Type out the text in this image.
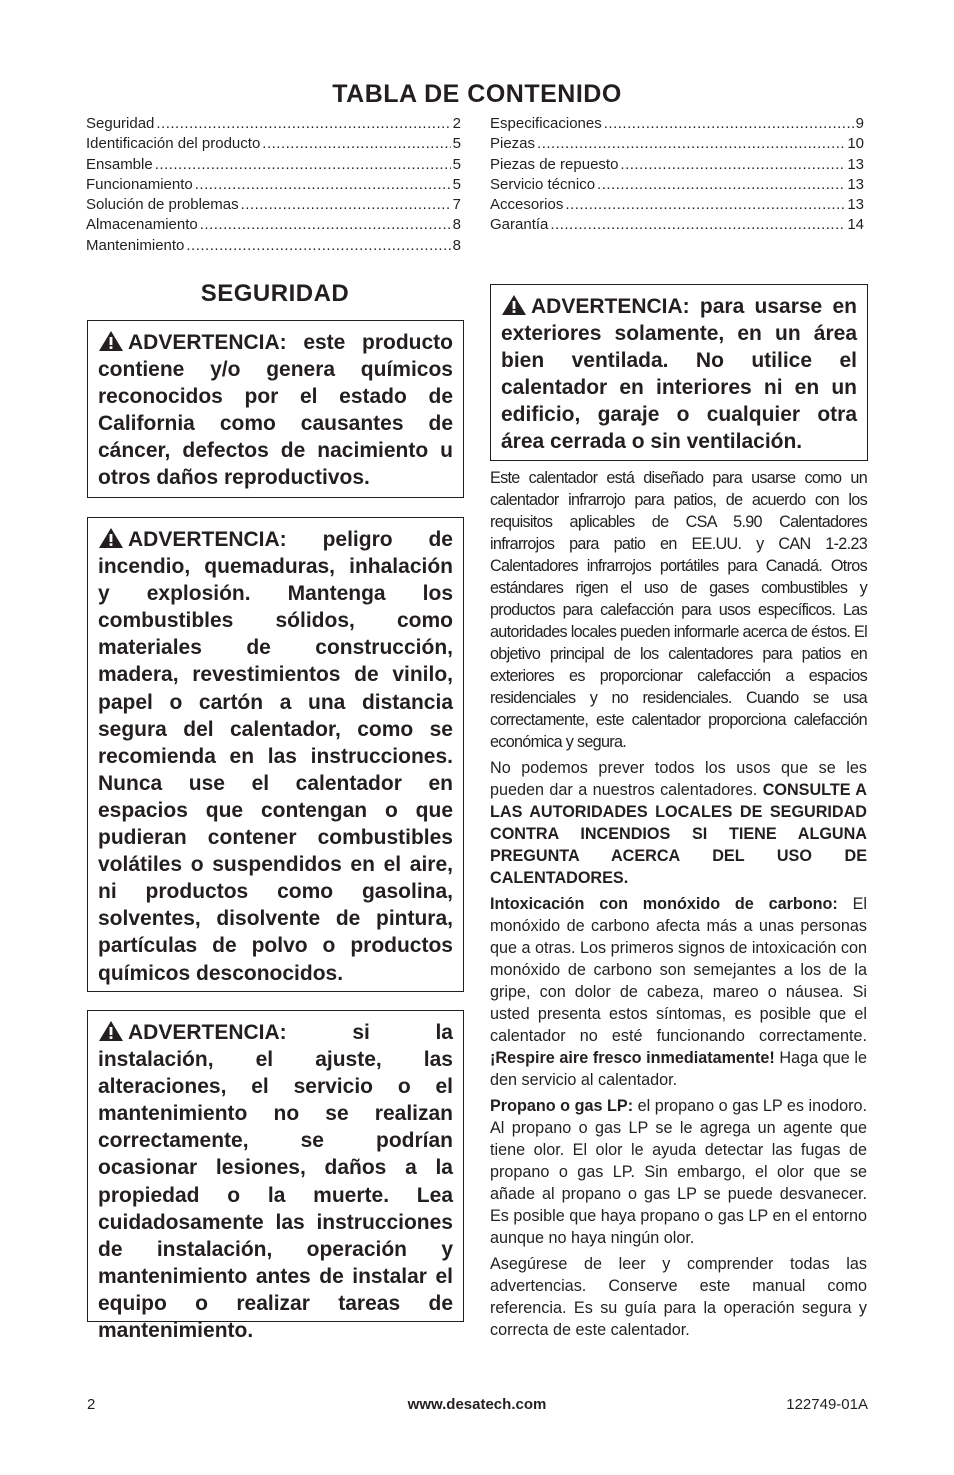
TABLA DE CONTENIDO
Seguridad .....	2
Identificación del producto .....	5
Ensamble .....	5
Funcionamiento .....	5
Solución de problemas .....	7
Almacenamiento .....	8
Mantenimiento .....	8
Especificaciones .....	9
Piezas .....	10
Piezas de repuesto .....	13
Servicio técnico .....	13
Accesorios .....	13
Garantía .....	14
SEGURIDAD
ADVERTENCIA: este producto contiene y/o genera químicos reconocidos por el estado de California como causantes de cáncer, defectos de nacimiento u otros daños reproductivos.
ADVERTENCIA: peligro de incendio, quemaduras, inhalación y explosión. Mantenga los combustibles sólidos, como materiales de construcción, madera, revestimientos de vinilo, papel o cartón a una distancia segura del calentador, como se recomienda en las instrucciones. Nunca use el calentador en espacios que contengan o que pudieran contener combustibles volátiles o suspendidos en el aire, ni productos como gasolina, solventes, disolvente de pintura, partículas de polvo o productos químicos desconocidos.
ADVERTENCIA: si la instalación, el ajuste, las alteraciones, el servicio o el mantenimiento no se realizan correctamente, se podrían ocasionar lesiones, daños a la propiedad o la muerte. Lea cuidadosamente las instrucciones de instalación, operación y mantenimiento antes de instalar el equipo o realizar tareas de mantenimiento.
ADVERTENCIA: para usarse en exteriores solamente, en un área bien ventilada. No utilice el calentador en interiores ni en un edificio, garaje o cualquier otra área cerrada o sin ventilación.

Este calentador está diseñado para usarse como un calentador infrarrojo para patios, de acuerdo con los requisitos aplicables de CSA 5.90 Calentadores infrarrojos para patio en EE.UU. y CAN 1-2.23 Calentadores infrarrojos portátiles para Canadá. Otros estándares rigen el uso de gases combustibles y productos para calefacción para usos específicos. Las autoridades locales pueden informarle acerca de éstos. El objetivo principal de los calentadores para patios en exteriores es proporcionar calefacción a espacios residenciales y no residenciales. Cuando se usa correctamente, este calentador proporciona calefacción económica y segura.

No podemos prever todos los usos que se les pueden dar a nuestros calentadores. CONSULTE A LAS AUTORIDADES LOCALES DE SEGURIDAD CONTRA INCENDIOS SI TIENE ALGUNA PREGUNTA ACERCA DEL USO DE CALENTADORES.

Intoxicación con monóxido de carbono: El monóxido de carbono afecta más a unas personas que a otras. Los primeros signos de intoxicación con monóxido de carbono son semejantes a los de la gripe, con dolor de cabeza, mareo o náusea. Si usted presenta estos síntomas, es posible que el calentador no esté funcionando correctamente. ¡Respire aire fresco inmediatamente! Haga que le den servicio al calentador.

Propano o gas LP: el propano o gas LP es inodoro. Al propano o gas LP se le agrega un agente que tiene olor. El olor le ayuda detectar las fugas de propano o gas LP. Sin embargo, el olor que se añade al propano o gas LP se puede desvanecer. Es posible que haya propano o gas LP en el entorno aunque no haya ningún olor.

Asegúrese de leer y comprender todas las advertencias. Conserve este manual como referencia. Es su guía para la operación segura y correcta de este calentador.

2	www.desatech.com	122749-01A
